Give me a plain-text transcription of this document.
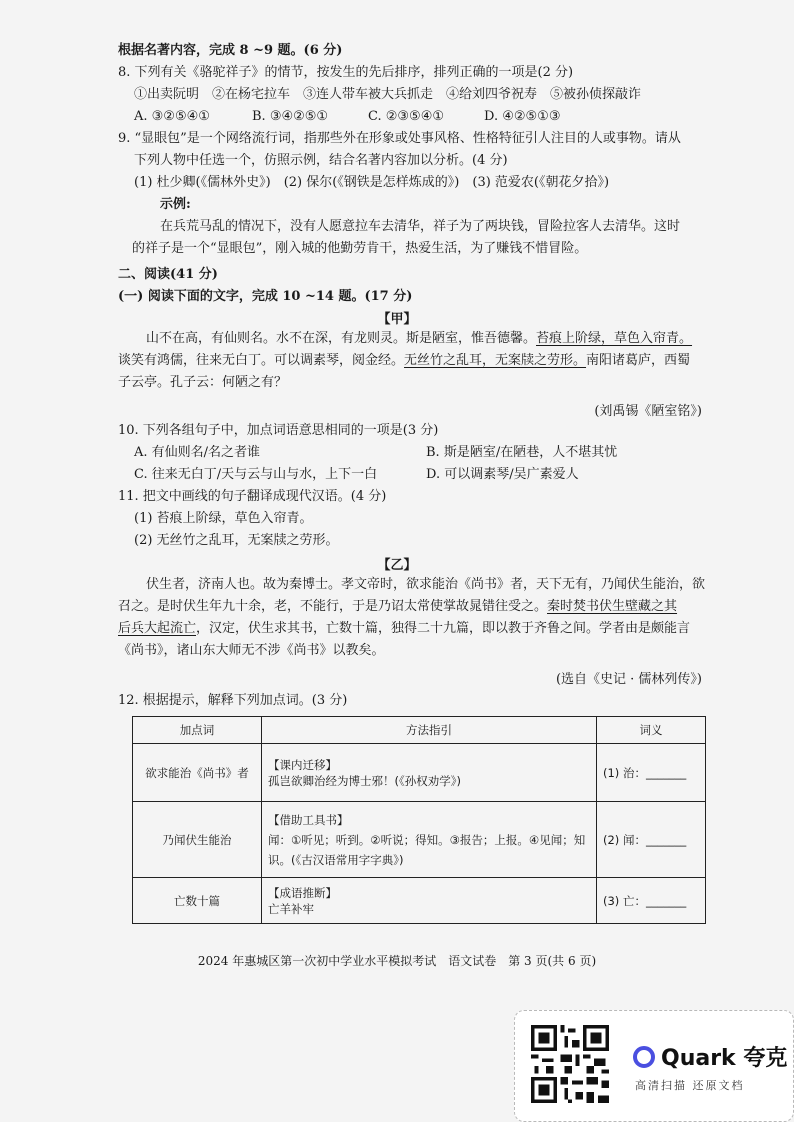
根据名著内容，完成 8 ~9 题。(6 分)
8. 下列有关《骆驼祥子》的情节，按发生的先后排序，排列正确的一项是(2 分)
①出卖阮明　②在杨宅拉车　③连人带车被大兵抓走　④给刘四爷祝寿　⑤被孙侦探敲诈
A. ③②⑤④①	B. ③④②⑤①	C. ②③⑤④①	D. ④②⑤①③
9. “显眼包”是一个网络流行词，指那些外在形象或处事风格、性格特征引人注目的人或事物。请从
下列人物中任选一个，仿照示例，结合名著内容加以分析。(4 分)
(1) 杜少卿(《儒林外史》)　(2) 保尔(《钢铁是怎样炼成的》)　(3) 范爱农(《朝花夕拾》)
示例:
在兵荒马乱的情况下，没有人愿意拉车去清华，祥子为了两块钱，冒险拉客人去清华。这时
的祥子是一个“显眼包”，刚入城的他勤劳肯干，热爱生活，为了赚钱不惜冒险。
二、阅读(41 分)
(一) 阅读下面的文字，完成 10 ~14 题。(17 分)
【甲】
山不在高，有仙则名。水不在深，有龙则灵。斯是陋室，惟吾德馨。苔痕上阶绿，草色入帘青。
谈笑有鸿儒，往来无白丁。可以调素琴，阅金经。无丝竹之乱耳，无案牍之劳形。南阳诸葛庐，西蜀
子云亭。孔子云：何陋之有？
(刘禹锡《陋室铭》)
10. 下列各组句子中，加点词语意思相同的一项是(3 分)
A. 有仙则名/名之者谁	B. 斯是陋室/在陋巷，人不堪其忧
C. 往来无白丁/天与云与山与水，上下一白	D. 可以调素琴/吴广素爱人
11. 把文中画线的句子翻译成现代汉语。(4 分)
(1) 苔痕上阶绿，草色入帘青。
(2) 无丝竹之乱耳，无案牍之劳形。
【乙】
伏生者，济南人也。故为秦博士。孝文帝时，欲求能治《尚书》者，天下无有，乃闻伏生能治，欲
召之。是时伏生年九十余，老，不能行，于是乃诏太常使掌故晁错往受之。秦时焚书伏生壁藏之其
后兵大起流亡，汉定，伏生求其书，亡数十篇，独得二十九篇，即以教于齐鲁之间。学者由是颇能言
《尚书》，诸山东大师无不涉《尚书》以教矣。
(选自《史记 · 儒林列传》)
12. 根据提示，解释下列加点词。(3 分)
加点词	方法指引	词义
欲求能治《尚书》者	【课内迁移】
孤岂欲卿治经为博士邪！(《孙权劝学》)	(1) 治：_______
乃闻伏生能治	【借助工具书】
闻：①听见；听到。②听说；得知。③报告；上报。④见闻；知识。(《古汉语常用字字典》)	(2) 闻：_______
亡数十篇	【成语推断】
亡羊补牢	(3) 亡：_______
2024 年惠城区第一次初中学业水平模拟考试　语文试卷　第 3 页(共 6 页)
Quark 夸克
高清扫描 还原文档
